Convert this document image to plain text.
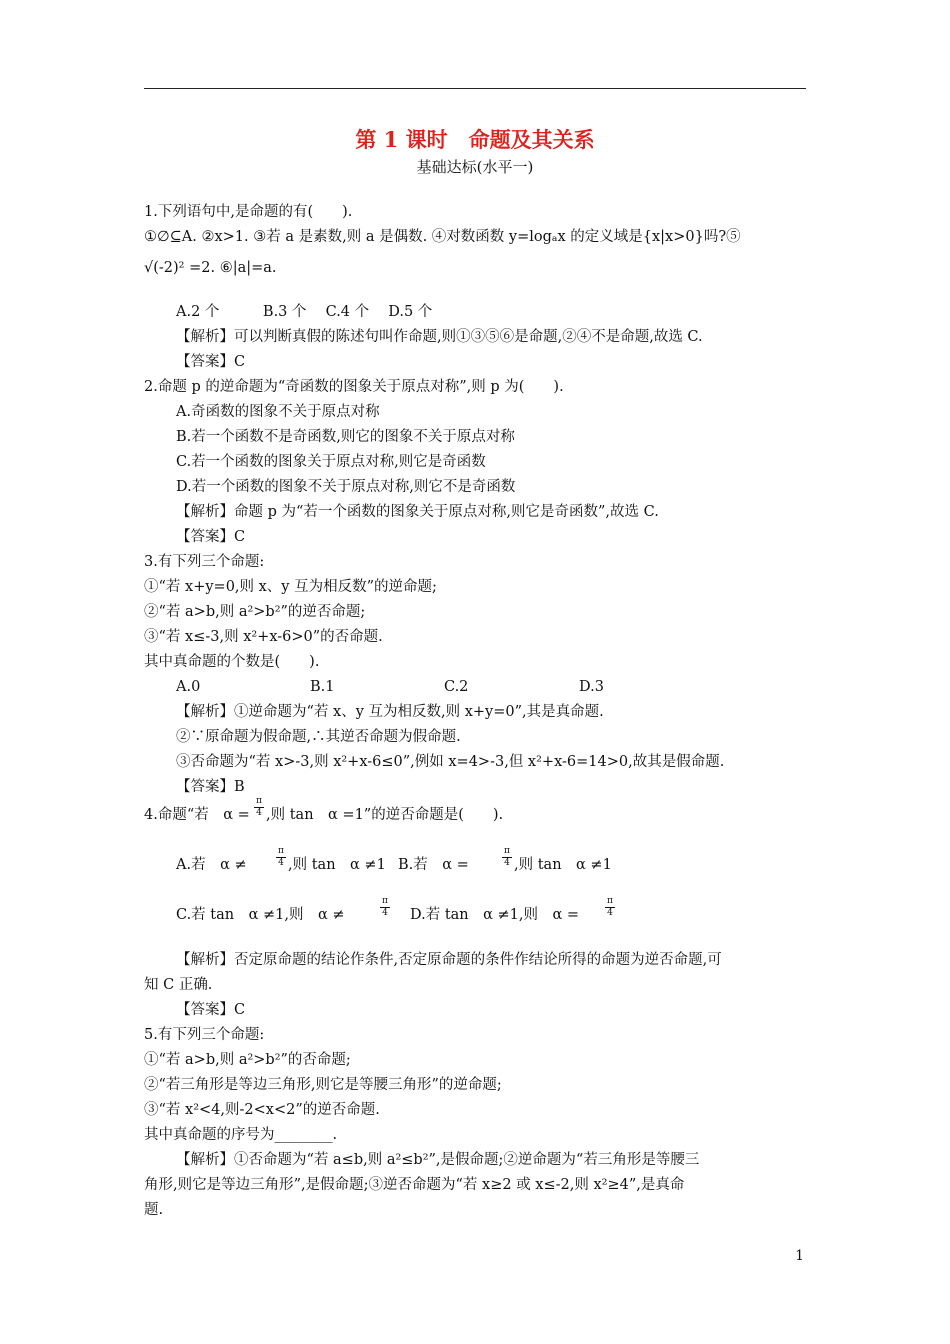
第 1 课时　命题及其关系
基础达标(水平一)
1.下列语句中,是命题的有(　　).
①∅⊆A. ②x>1. ③若 a 是素数,则 a 是偶数. ④对数函数 y=logₐx 的定义域是{x|x>0}吗?⑤
√(-2)² =2. ⑥|a|=a.
A.2 个　　　B.3 个　 C.4 个　 D.5 个
【解析】可以判断真假的陈述句叫作命题,则①③⑤⑥是命题,②④不是命题,故选 C.
【答案】C
2.命题 p 的逆命题为“奇函数的图象关于原点对称”,则 p 为(　　).
A.奇函数的图象不关于原点对称
B.若一个函数不是奇函数,则它的图象不关于原点对称
C.若一个函数的图象关于原点对称,则它是奇函数
D.若一个函数的图象不关于原点对称,则它不是奇函数
【解析】命题 p 为“若一个函数的图象关于原点对称,则它是奇函数”,故选 C.
【答案】C
3.有下列三个命题:
①“若 x+y=0,则 x、y 互为相反数”的逆命题;
②“若 a>b,则 a²>b²”的逆否命题;
③“若 x≤-3,则 x²+x-6>0”的否命题.
其中真命题的个数是(　　).
A.0	B.1	C.2	D.3
【解析】①逆命题为“若 x、y 互为相反数,则 x+y=0”,其是真命题.
②∵原命题为假命题,∴其逆否命题为假命题.
③否命题为“若 x>-3,则 x²+x-6≤0”,例如 x=4>-3,但 x²+x-6=14>0,故其是假命题.
【答案】B
4.命题“若　α =
π
4 ,则 tan　α =1”的逆否命题是(　　).
A.若　α ≠
π
4 ,则 tan　α ≠1 B.若　α =
π
4 ,则 tan　α ≠1
C.若 tan　α ≠1,则　α ≠
π
4 D.若 tan　α ≠1,则　α =
π
4
【解析】否定原命题的结论作条件,否定原命题的条件作结论所得的命题为逆否命题,可
知 C 正确.
【答案】C
5.有下列三个命题:
①“若 a>b,则 a²>b²”的否命题;
②“若三角形是等边三角形,则它是等腰三角形”的逆命题;
③“若 x²<4,则-2<x<2”的逆否命题.
其中真命题的序号为________.
【解析】①否命题为“若 a≤b,则 a²≤b²”,是假命题;②逆命题为“若三角形是等腰三
角形,则它是等边三角形”,是假命题;③逆否命题为“若 x≥2 或 x≤-2,则 x²≥4”,是真命
题.
1
